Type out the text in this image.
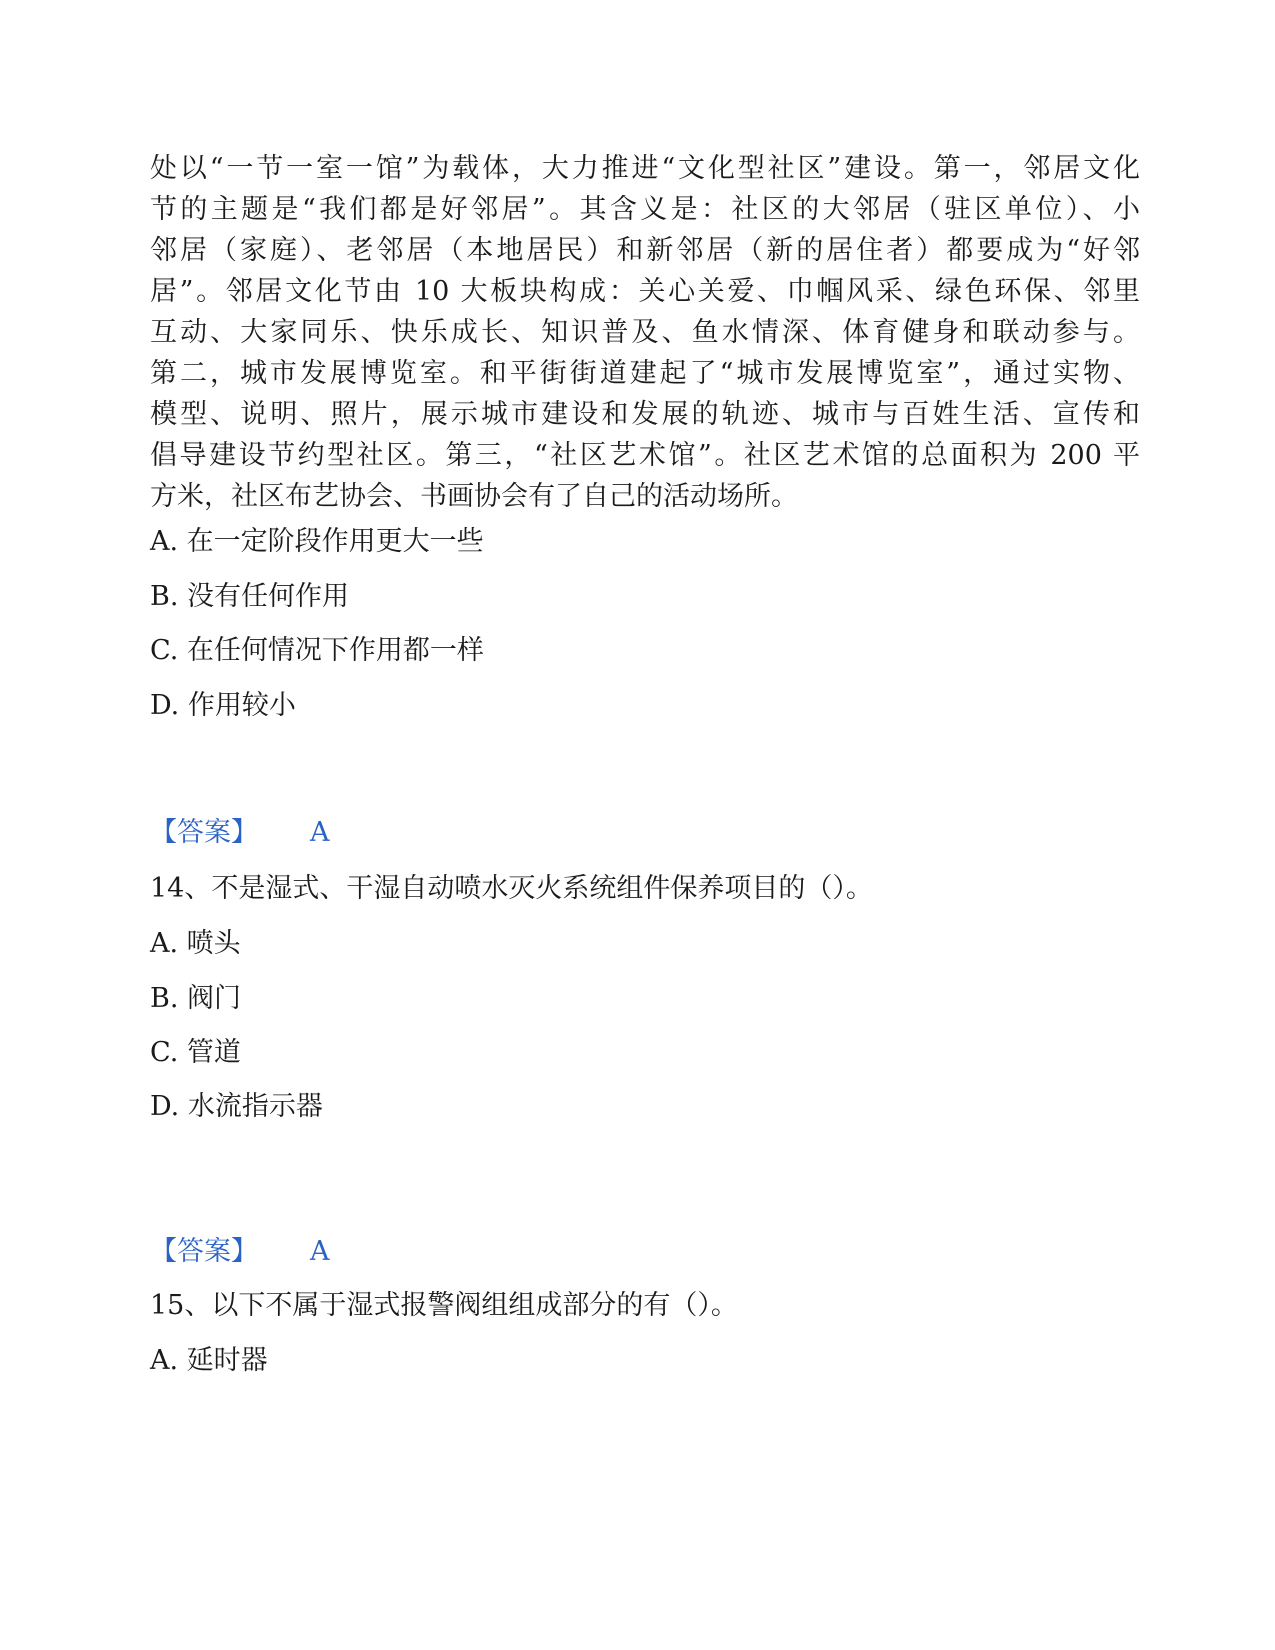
处以“一节一室一馆”为载体，大力推进“文化型社区”建设。第一，邻居文化
节的主题是“我们都是好邻居”。其含义是：社区的大邻居（驻区单位）、小
邻居（家庭）、老邻居（本地居民）和新邻居（新的居住者）都要成为“好邻
居”。邻居文化节由 10 大板块构成：关心关爱、巾帼风采、绿色环保、邻里
互动、大家同乐、快乐成长、知识普及、鱼水情深、体育健身和联动参与。
第二，城市发展博览室。和平街街道建起了“城市发展博览室”，通过实物、
模型、说明、照片，展示城市建设和发展的轨迹、城市与百姓生活、宣传和
倡导建设节约型社区。第三，“社区艺术馆”。社区艺术馆的总面积为 200 平
方米，社区布艺协会、书画协会有了自己的活动场所。

A. 在一定阶段作用更大一些
B. 没有任何作用
C. 在任何情况下作用都一样
D. 作用较小
【答案】 A
14、不是湿式、干湿自动喷水灭火系统组件保养项目的（）。
A. 喷头
B. 阀门
C. 管道
D. 水流指示器
【答案】 A
15、以下不属于湿式报警阀组组成部分的有（）。
A. 延时器
